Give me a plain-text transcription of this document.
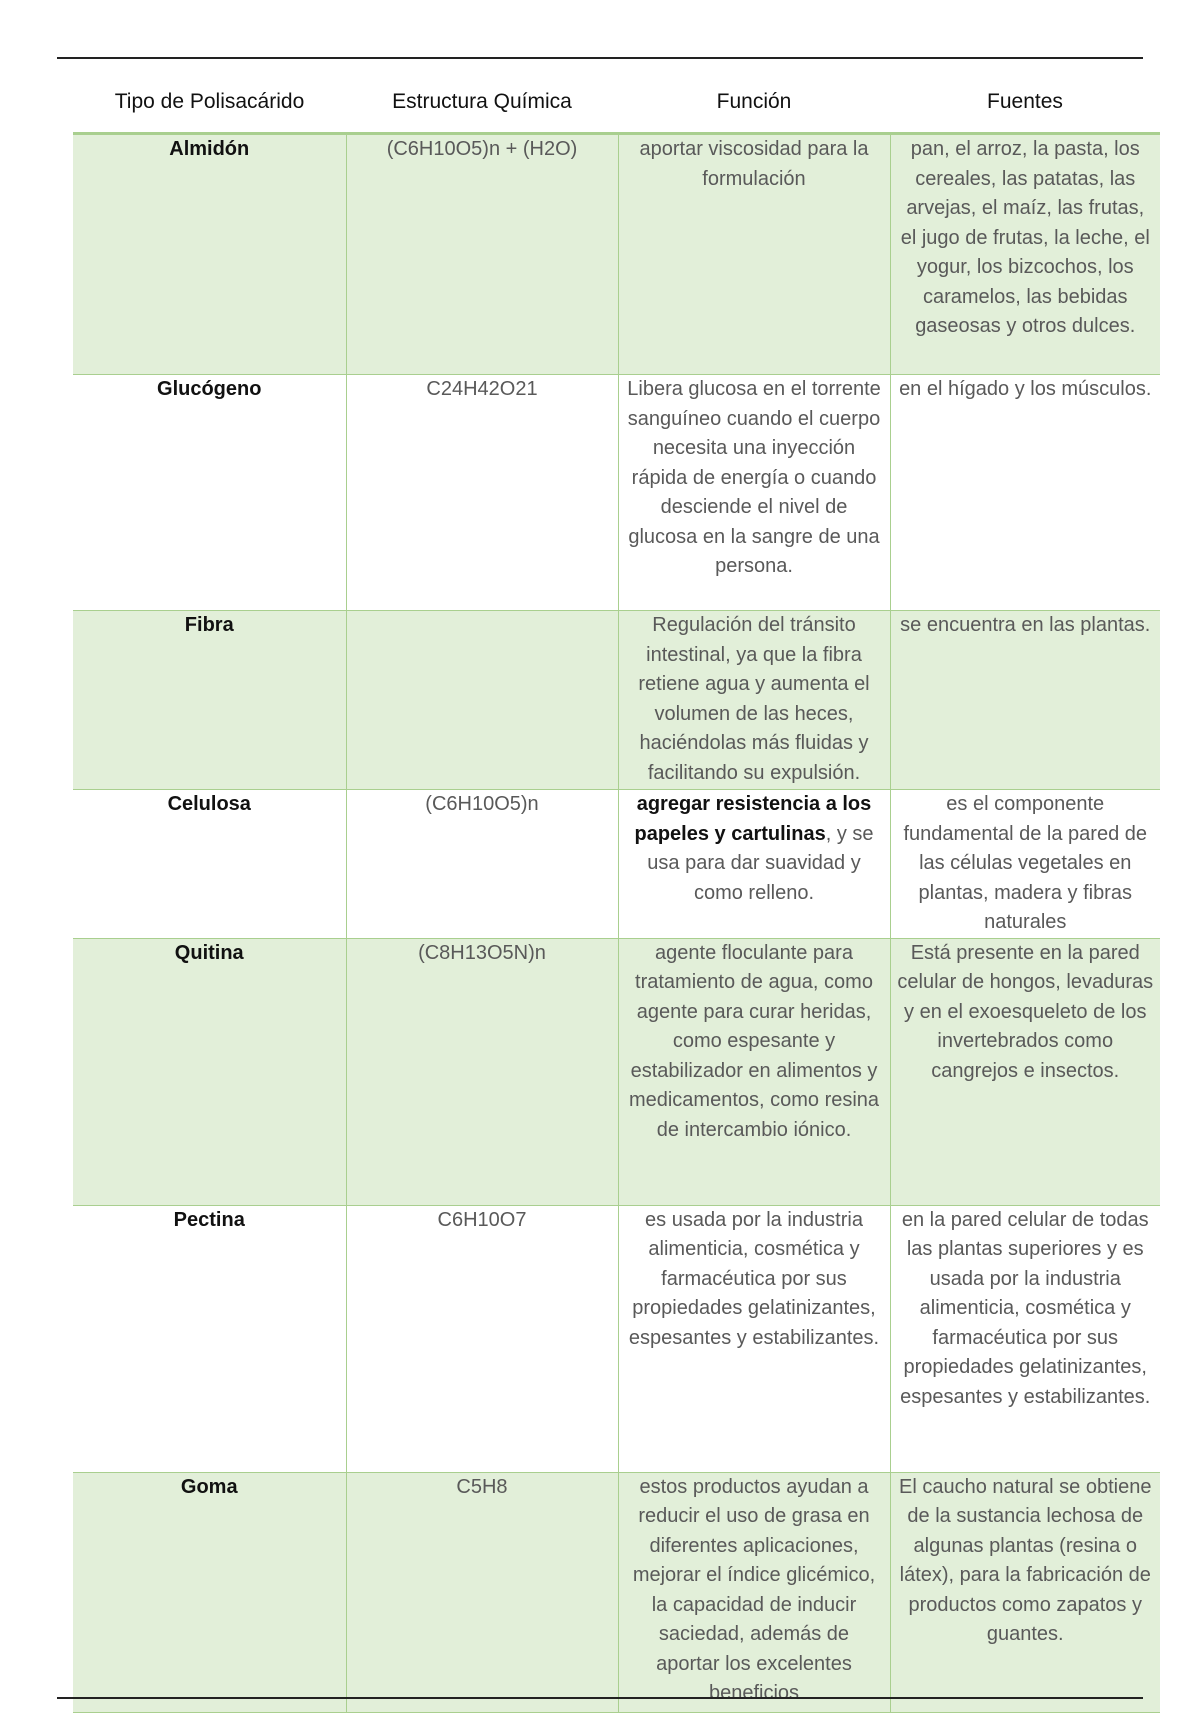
Tipo de Polisacárido	Estructura Química	Función	Fuentes
Almidón	(C6H10O5)n + (H2O)	aportar viscosidad para la formulación	pan, el arroz, la pasta, los cereales, las patatas, las arvejas, el maíz, las frutas, el jugo de frutas, la leche, el yogur, los bizcochos, los caramelos, las bebidas gaseosas y otros dulces.
Glucógeno	C24H42O21	Libera glucosa en el torrente sanguíneo cuando el cuerpo necesita una inyección rápida de energía o cuando desciende el nivel de glucosa en la sangre de una persona.	en el hígado y los músculos.
Fibra		Regulación del tránsito intestinal, ya que la fibra retiene agua y aumenta el volumen de las heces, haciéndolas más fluidas y facilitando su expulsión.	se encuentra en las plantas.
Celulosa	(C6H10O5)n	agregar resistencia a los papeles y cartulinas, y se usa para dar suavidad y como relleno.	es el componente fundamental de la pared de las células vegetales en plantas, madera y fibras naturales
Quitina	(C8H13O5N)n	agente floculante para tratamiento de agua, como agente para curar heridas, como espesante y estabilizador en alimentos y medicamentos, como resina de intercambio iónico.	Está presente en la pared celular de hongos, levaduras y en el exoesqueleto de los invertebrados como cangrejos e insectos.
Pectina	C6H10O7	es usada por la industria alimenticia, cosmética y farmacéutica por sus propiedades gelatinizantes, espesantes y estabilizantes.	en la pared celular de todas las plantas superiores y es usada por la industria alimenticia, cosmética y farmacéutica por sus propiedades gelatinizantes, espesantes y estabilizantes.
Goma	C5H8	estos productos ayudan a reducir el uso de grasa en diferentes aplicaciones, mejorar el índice glicémico, la capacidad de inducir saciedad, además de aportar los excelentes beneficios	El caucho natural se obtiene de la sustancia lechosa de algunas plantas (resina o látex), para la fabricación de productos como zapatos y guantes.
